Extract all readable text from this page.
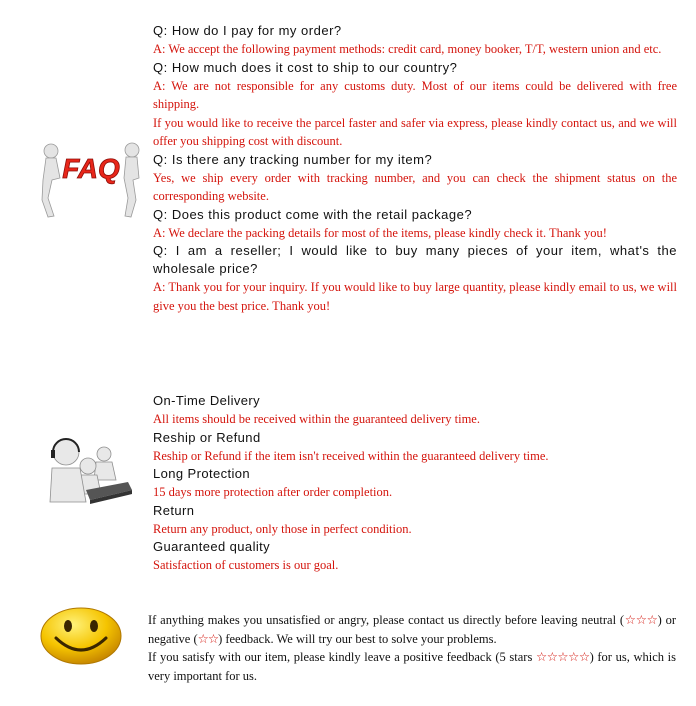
FAQ

Q: How do I pay for my order?

A: We accept the following payment methods: credit card, money booker, T/T, western union and etc.

Q: How much does it cost to ship to our country?

A: We are not responsible for any customs duty. Most of our items could be delivered with free shipping.

If you would like to receive the parcel faster and safer via express, please kindly contact us, and we will offer you shipping cost with discount.

Q: Is there any tracking number for my item?

Yes, we ship every order with tracking number, and you can check the shipment status on the corresponding website.

Q: Does this product come with the retail package?

A: We declare the packing details for most of the items, please kindly check it. Thank you!

Q: I am a reseller; I would like to buy many pieces of your item, what's the wholesale price?

A: Thank you for your inquiry. If you would like to buy large quantity, please kindly email to us, we will give you the best price. Thank you!

On-Time Delivery

All items should be received within the guaranteed delivery time.

Reship or Refund

Reship or Refund if the item isn't received within the guaranteed delivery time.

Long Protection

15 days more protection after order completion.

Return

Return any product, only those in perfect condition.

Guaranteed quality

Satisfaction of customers is our goal.

If anything makes you unsatisfied or angry, please contact us directly before leaving neutral (☆☆☆) or negative (☆☆) feedback. We will try our best to solve your problems.

If you satisfy with our item, please kindly leave a positive feedback (5 stars ☆☆☆☆☆) for us, which is very important for us.
